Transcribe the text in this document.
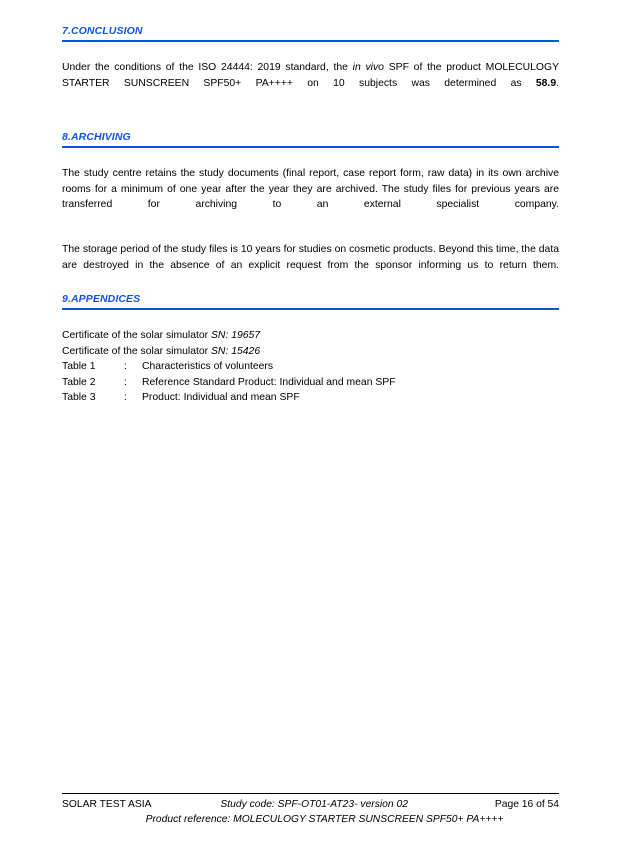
7.CONCLUSION

Under the conditions of the ISO 24444: 2019 standard, the in vivo SPF of the product MOLECULOGY STARTER SUNSCREEN SPF50+ PA++++ on 10 subjects was determined as 58.9.

8.ARCHIVING

The study centre retains the study documents (final report, case report form, raw data) in its own archive rooms for a minimum of one year after the year they are archived. The study files for previous years are transferred for archiving to an external specialist company.

The storage period of the study files is 10 years for studies on cosmetic products. Beyond this time, the data are destroyed in the absence of an explicit request from the sponsor informing us to return them.

9.APPENDICES
Certificate of the solar simulator SN: 19657
Certificate of the solar simulator SN: 15426
Table 1	:	Characteristics of volunteers
Table 2	:	Reference Standard Product: Individual and mean SPF
Table 3	:	Product: Individual and mean SPF
SOLAR TEST ASIA	Study code: SPF-OT01-AT23- version 02	Page 16 of 54
Product reference: MOLECULOGY STARTER SUNSCREEN SPF50+ PA++++
